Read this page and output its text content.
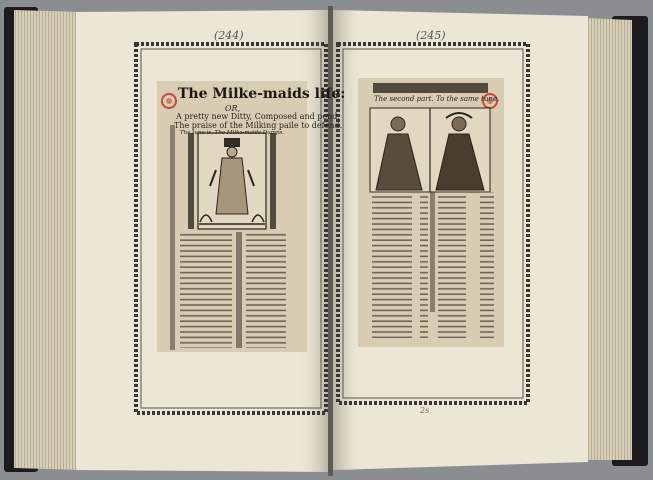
2s
(244)	(245)
The Milke-maids life:
OR,
A pretty new Ditty, Composed and pend,
The praise of the Milking paile to defend.
The tune is, The Milke-maids Dumps.
The second part. To the same tune.
